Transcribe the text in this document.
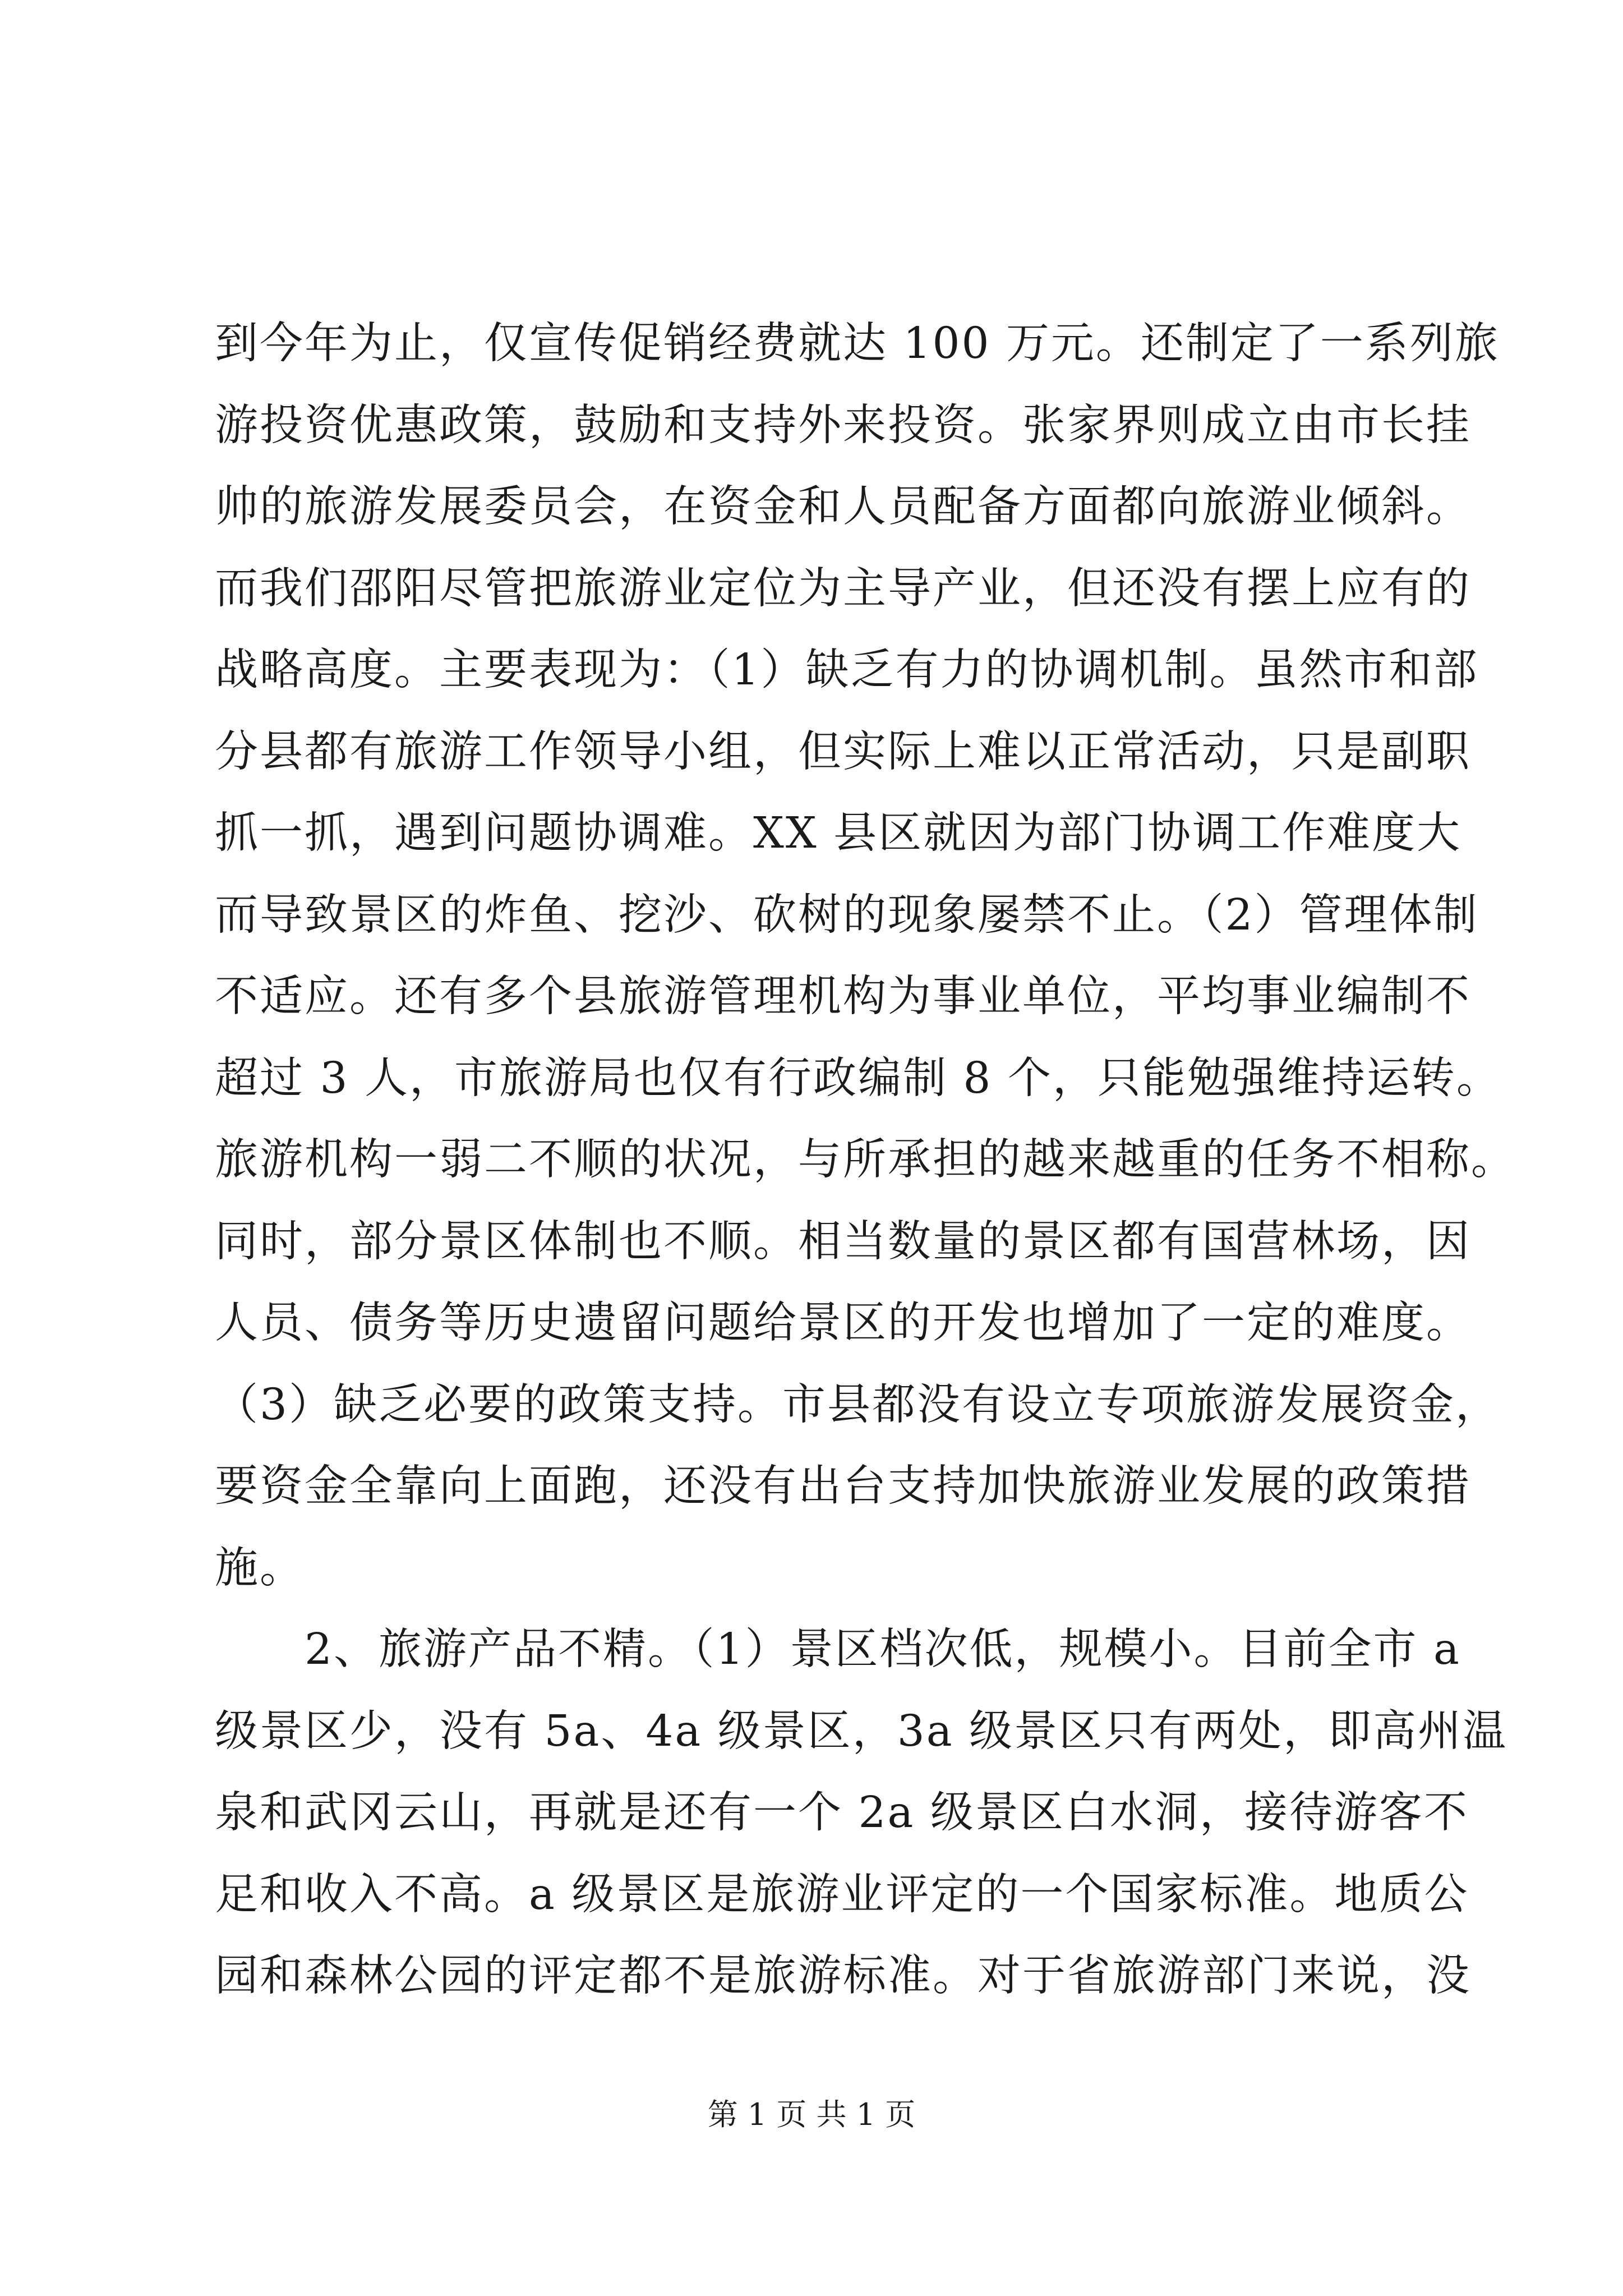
到今年为止，仅宣传促销经费就达 100 万元。还制定了一系列旅
游投资优惠政策，鼓励和支持外来投资。张家界则成立由市长挂
帅的旅游发展委员会，在资金和人员配备方面都向旅游业倾斜。
而我们邵阳尽管把旅游业定位为主导产业，但还没有摆上应有的
战略高度。主要表现为：（1）缺乏有力的协调机制。虽然市和部
分县都有旅游工作领导小组，但实际上难以正常活动，只是副职
抓一抓，遇到问题协调难。XX 县区就因为部门协调工作难度大
而导致景区的炸鱼、挖沙、砍树的现象屡禁不止。（2）管理体制
不适应。还有多个县旅游管理机构为事业单位，平均事业编制不
超过 3 人，市旅游局也仅有行政编制 8 个，只能勉强维持运转。
旅游机构一弱二不顺的状况，与所承担的越来越重的任务不相称。
同时，部分景区体制也不顺。相当数量的景区都有国营林场，因
人员、债务等历史遗留问题给景区的开发也增加了一定的难度。
（3）缺乏必要的政策支持。市县都没有设立专项旅游发展资金，
要资金全靠向上面跑，还没有出台支持加快旅游业发展的政策措
施。
　　2、旅游产品不精。（1）景区档次低，规模小。目前全市 a
级景区少，没有 5a、4a 级景区，3a 级景区只有两处，即高州温
泉和武冈云山，再就是还有一个 2a 级景区白水洞，接待游客不
足和收入不高。a 级景区是旅游业评定的一个国家标准。地质公
园和森林公园的评定都不是旅游标准。对于省旅游部门来说，没
第 1 页 共 1 页
